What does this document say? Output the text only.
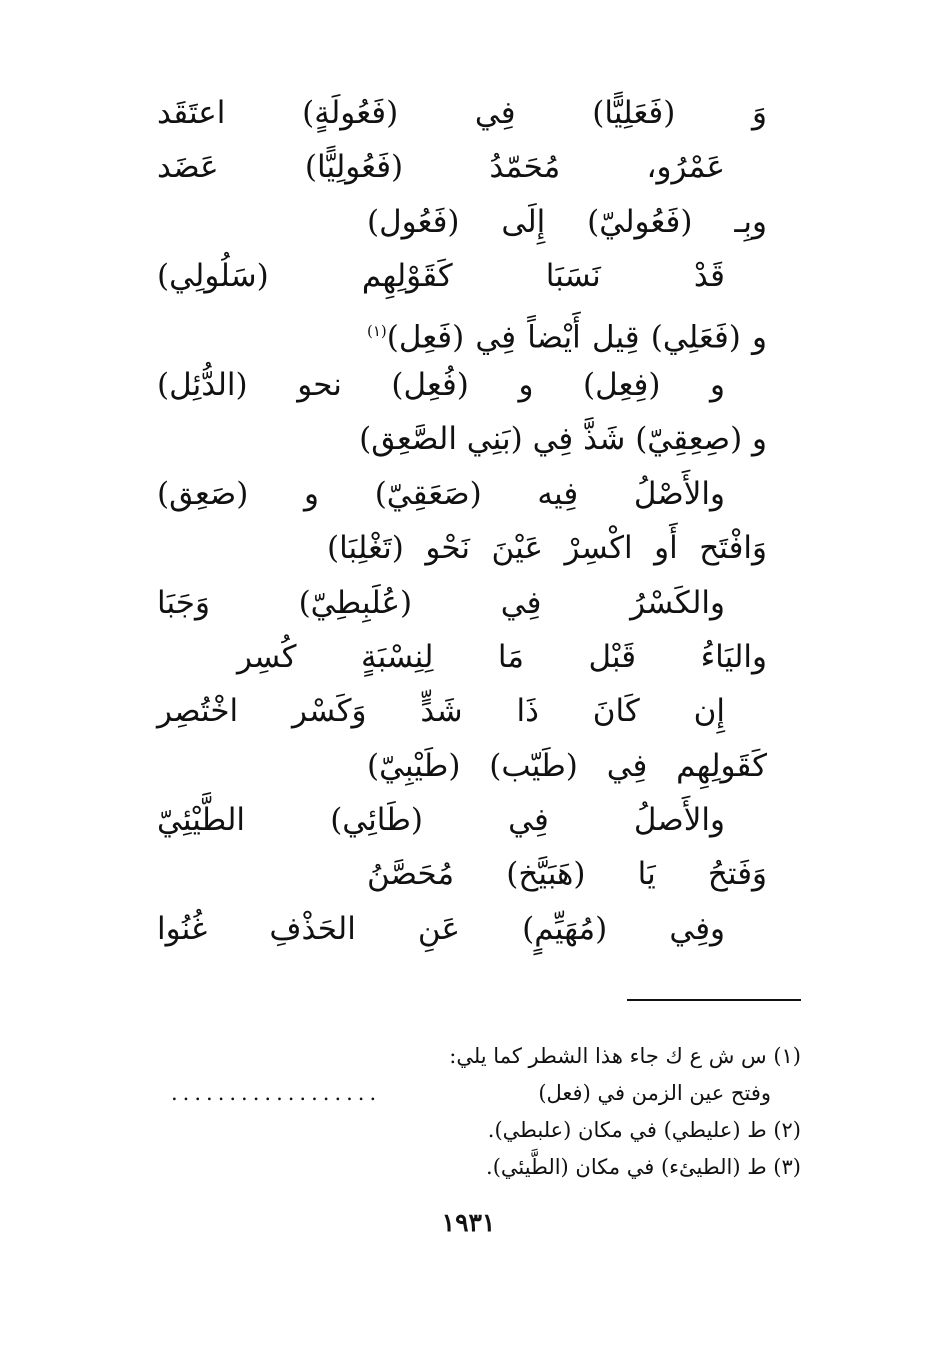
وَ (فَعَلِيًّا) فِي (فَعُولَةٍ) اعتَقَد
عَمْرُو، مُحَمّدُ (فَعُولِيًّا) عَضَد
وبِـ (فَعُوليّ) إِلَى (فَعُول)
قَدْ نَسَبَا كَقَوْلِهِم (سَلُولِي)
و (فَعَلِي) قِيل أَيْضاً فِي (فَعِل)$^{(١)}$
و (فِعِل) و (فُعِل) نحو (الدُّئِل)
و (صِعِقِيّ) شَذَّ فِي (بَنِي الصَّعِق)
والأَصْلُ فِيه (صَعَقِيّ) و (صَعِق)
وَافْتَح أَو اكْسِرْ عَيْنَ نَحْو (تَغْلِبَا)
والكَسْرُ فِي (عُلَبِطِيّ) وَجَبَا
واليَاءُ قَبْل مَا لِنِسْبَةٍ كُسِر
إِن كَانَ ذَا شَدٍّ وَكَسْر اخْتُصِر
كَقَولِهِم فِي (طَيّب) (طَيْبِيّ)
والأَصلُ فِي (طَائِي) الطَّيْئِيّ
وَفَتحُ يَا (هَبَيَّخ) مُحَصَّنُ
وفِي (مُهَيِّمٍ) عَنِ الحَذْفِ غُنُوا
(١) س ش ع ك جاء هذا الشطر كما يلي:
وفتح عين الزمن في (فعل)
..................
(٢) ط (عليطي) في مكان (علبطي).
(٣) ط (الطيئء) في مكان (الطَّيئي).
١٩٣١
